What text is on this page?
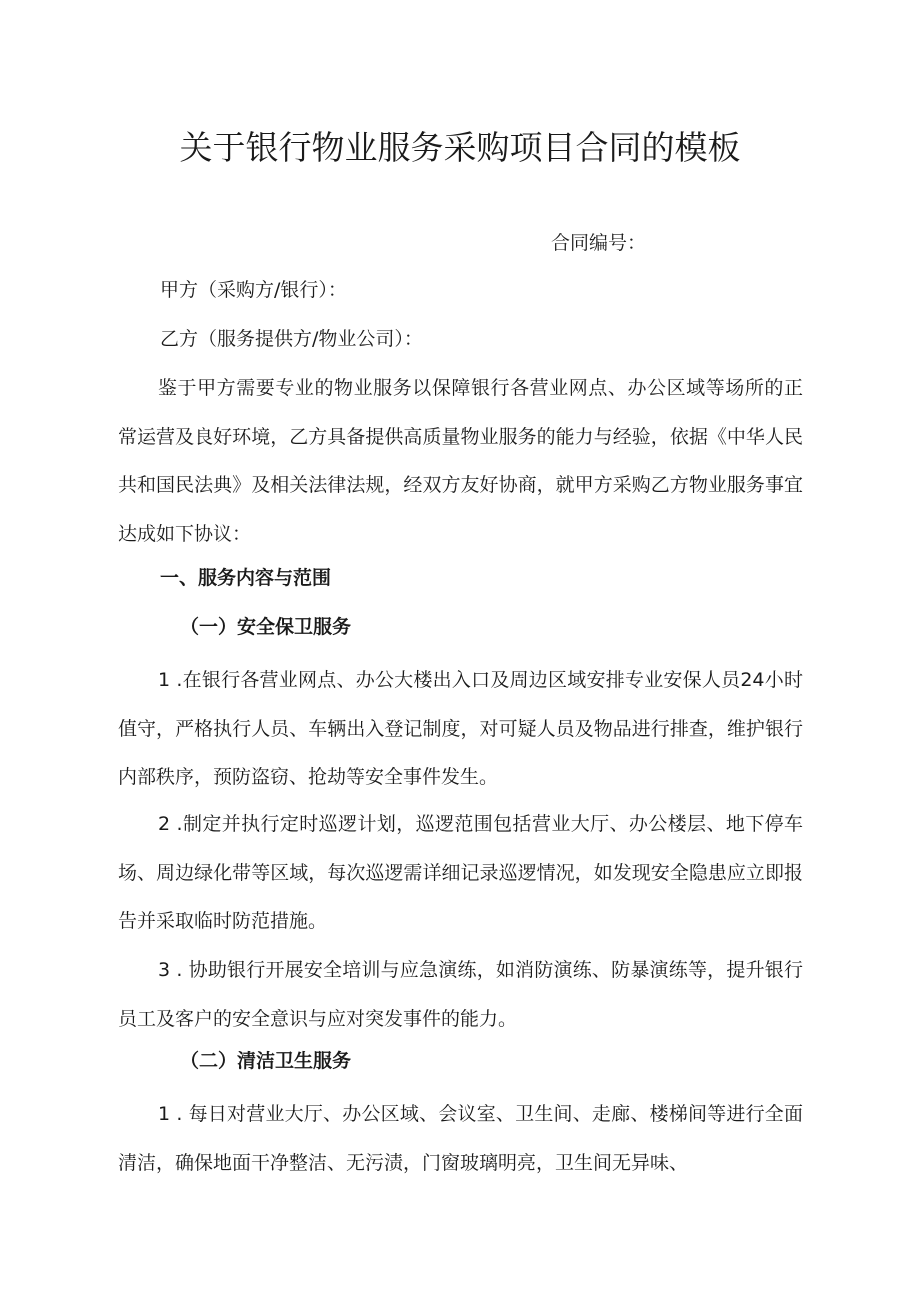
关于银行物业服务采购项目合同的模板

合同编号：

甲方（采购方/银行）：

乙方（服务提供方/物业公司）：

鉴于甲方需要专业的物业服务以保障银行各营业网点、办公区域等场所的正常运营及良好环境，乙方具备提供高质量物业服务的能力与经验，依据《中华人民共和国民法典》及相关法律法规，经双方友好协商，就甲方采购乙方物业服务事宜达成如下协议：

一、服务内容与范围

（一）安全保卫服务

1 .在银行各营业网点、办公大楼出入口及周边区域安排专业安保人员24小时值守，严格执行人员、车辆出入登记制度，对可疑人员及物品进行排查，维护银行内部秩序，预防盗窃、抢劫等安全事件发生。

2 .制定并执行定时巡逻计划，巡逻范围包括营业大厅、办公楼层、地下停车场、周边绿化带等区域，每次巡逻需详细记录巡逻情况，如发现安全隐患应立即报告并采取临时防范措施。

3 . 协助银行开展安全培训与应急演练，如消防演练、防暴演练等，提升银行员工及客户的安全意识与应对突发事件的能力。

（二）清洁卫生服务

1 . 每日对营业大厅、办公区域、会议室、卫生间、走廊、楼梯间等进行全面清洁，确保地面干净整洁、无污渍，门窗玻璃明亮，卫生间无异味、
